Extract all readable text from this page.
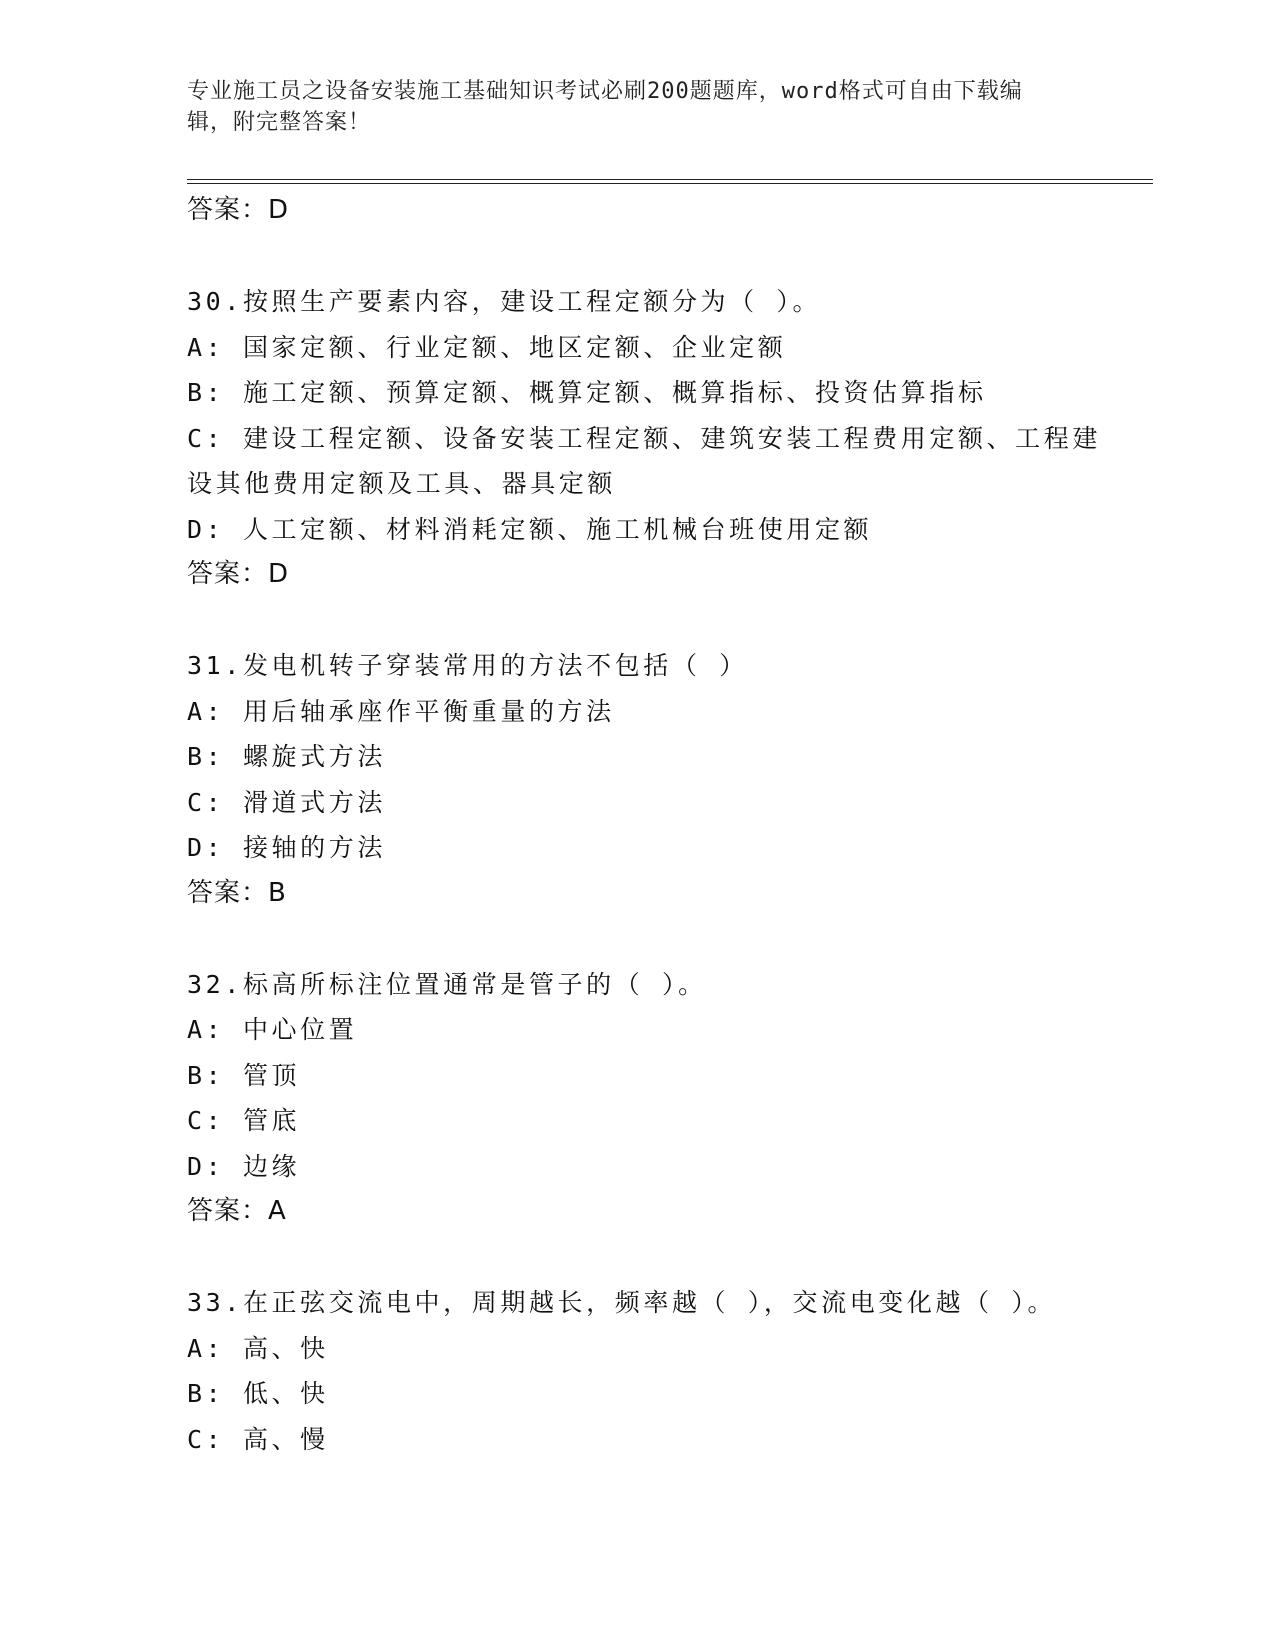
专业施工员之设备安装施工基础知识考试必刷200题题库，word格式可自由下载编辑，附完整答案！
答案：D
30.按照生产要素内容，建设工程定额分为（ ）。
A: 国家定额、行业定额、地区定额、企业定额
B: 施工定额、预算定额、概算定额、概算指标、投资估算指标
C: 建设工程定额、设备安装工程定额、建筑安装工程费用定额、工程建设其他费用定额及工具、器具定额
D: 人工定额、材料消耗定额、施工机械台班使用定额
答案：D
31.发电机转子穿装常用的方法不包括（ ）
A: 用后轴承座作平衡重量的方法
B: 螺旋式方法
C: 滑道式方法
D: 接轴的方法
答案：B
32.标高所标注位置通常是管子的（ ）。
A: 中心位置
B: 管顶
C: 管底
D: 边缘
答案：A
33.在正弦交流电中，周期越长，频率越（ ），交流电变化越（ ）。
A: 高、快
B: 低、快
C: 高、慢
